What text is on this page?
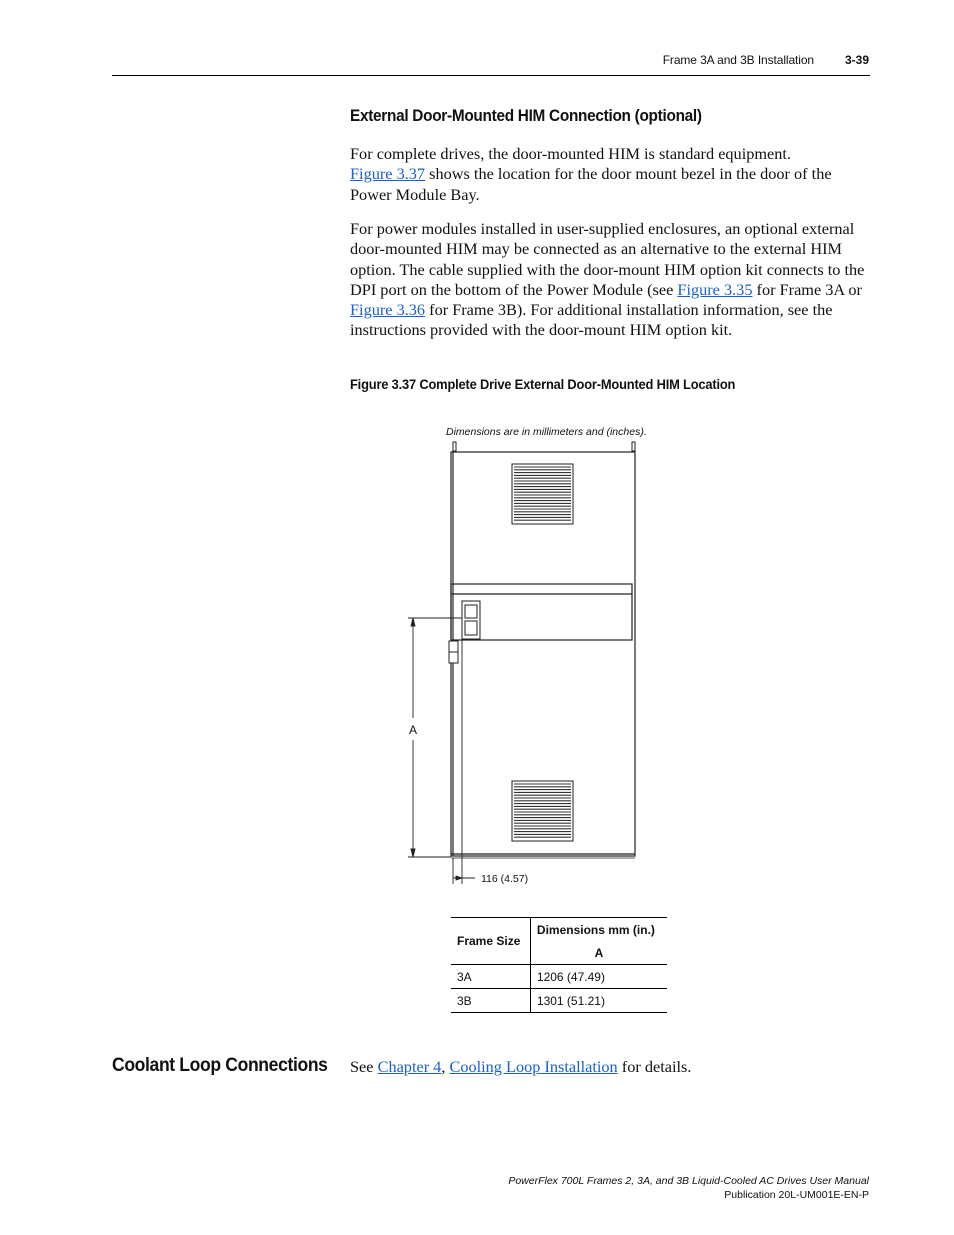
Frame 3A and 3B Installation	3-39
External Door-Mounted HIM Connection (optional)
For complete drives, the door-mounted HIM is standard equipment.
Figure 3.37 shows the location for the door mount bezel in the door of the Power Module Bay.
For power modules installed in user-supplied enclosures, an optional external door-mounted HIM may be connected as an alternative to the external HIM option. The cable supplied with the door-mount HIM option kit connects to the DPI port on the bottom of the Power Module (see Figure 3.35 for Frame 3A or Figure 3.36 for Frame 3B). For additional installation information, see the instructions provided with the door-mount HIM option kit.
Figure 3.37 Complete Drive External Door-Mounted HIM Location
Dimensions are in millimeters and (inches).
A
116 (4.57)
Frame Size	Dimensions mm (in.)
	A
3A	1206 (47.49)
3B	1301 (51.21)
Coolant Loop Connections See Chapter 4, Cooling Loop Installation for details.
PowerFlex 700L Frames 2, 3A, and 3B Liquid-Cooled AC Drives User Manual
Publication 20L-UM001E-EN-P
